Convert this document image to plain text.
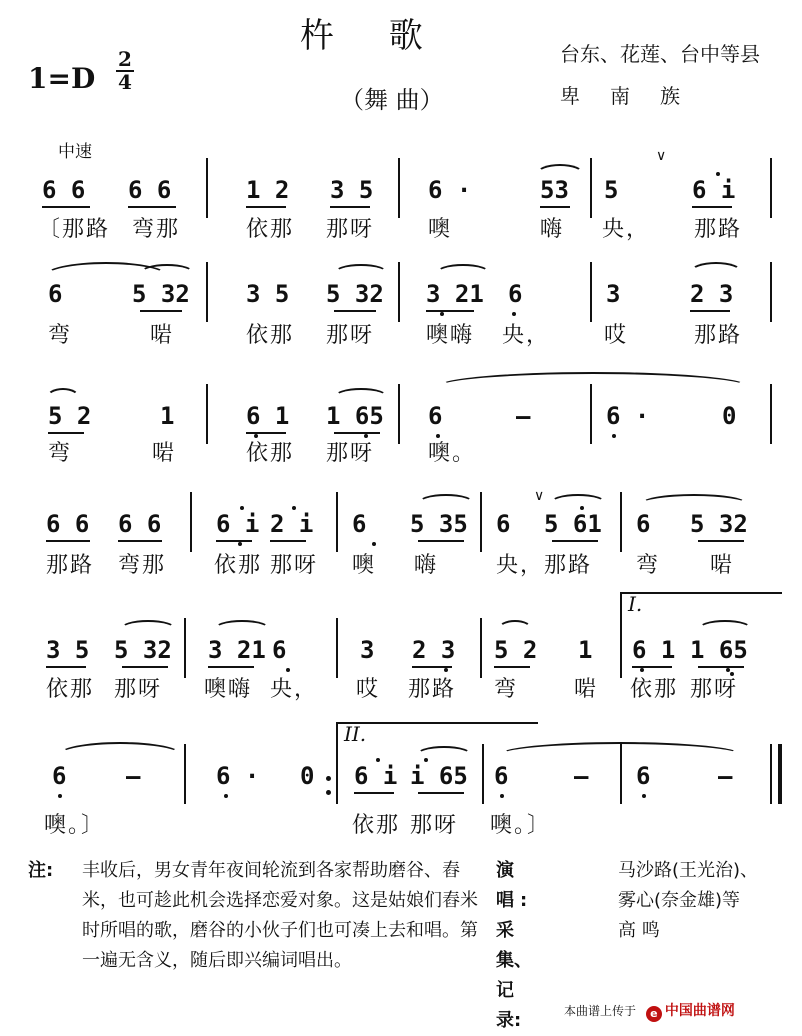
杵 歌
（舞 曲）
1=D
2
4
台东、花莲、台中等县
卑南族
中速
6 6 6 6	1 2 3 5 6 ·	53 5	6 i
〔那路 弯那	依那 那呀 噢	嗨 央， 那路
6	5 32 3 5 5 32 3 21 6	3	2 3
弯	啱	依那 那呀 噢嗨 央， 哎	那路
5 2	1	6 1 1 65 6	–	6 ·	0
弯	啱	依那 那呀 噢。
6 6 6 6 6 i 2 i 6 5 35 6 5 61 6 5 32
那路 弯那 依那 那呀 噢 嗨	央， 那路 弯 啱
3 5 5 32 3 21 6	3 2 3 5 2 1 6 1 1 65
依那 那呀 噢嗨 央， 哎 那路 弯	啱 依那 那呀
6 –	6 · 0 6 i i 65 6	– 6	–
噢。〕	依那 那呀 噢。〕
∨
∨
I.
II.
注: 丰收后，男女青年夜间轮流到各家帮助磨谷、舂米，也可趁此机会选择恋爱对象。这是姑娘们舂米时所唱的歌，磨谷的小伙子们也可凑上去和唱。第一遍无含义，随后即兴编词唱出。
演唱:
马沙路(王光治)、
雾心(奈金雄)等
采集、记录:
高 鸣
本曲谱上传于 e 中国曲谱网
